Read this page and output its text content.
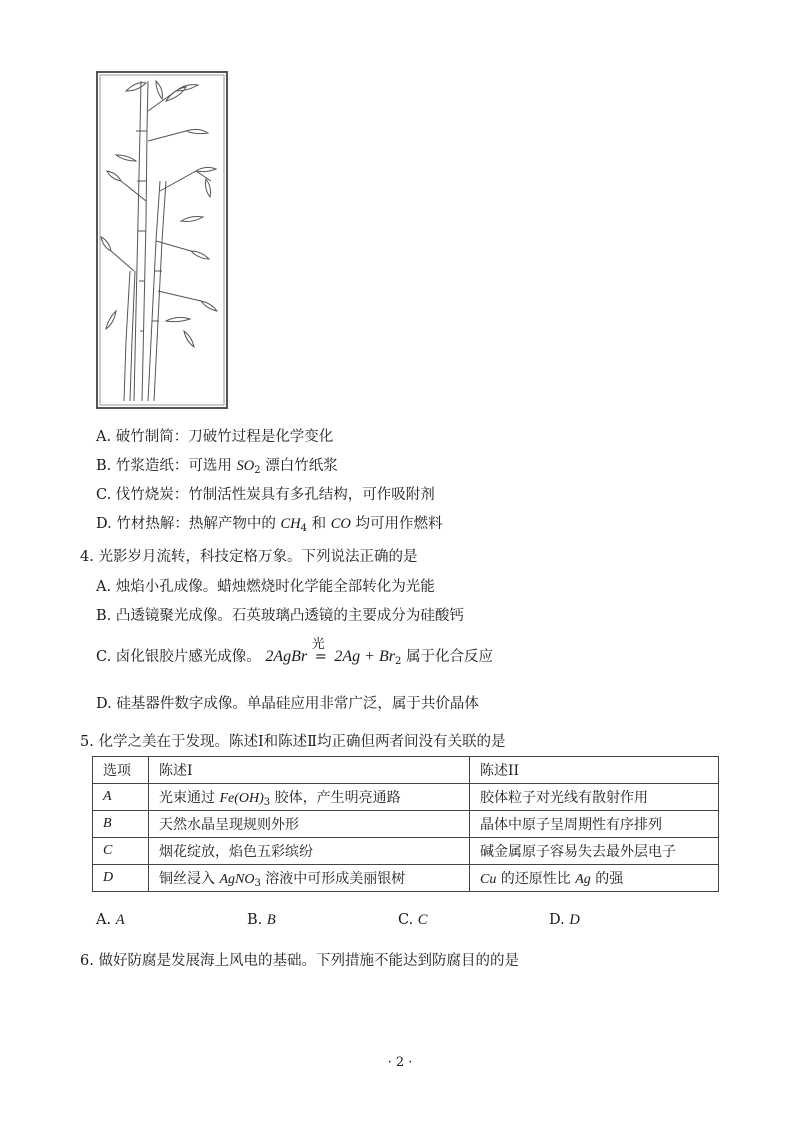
A. 破竹制简：刀破竹过程是化学变化
B. 竹浆造纸：可选用 $SO_2$ 漂白竹纸浆
C. 伐竹烧炭：竹制活性炭具有多孔结构，可作吸附剂
D. 竹材热解：热解产物中的 $CH_4$ 和 CO 均可用作燃料
4. 光影岁月流转，科技定格万象。下列说法正确的是
A. 烛焰小孔成像。蜡烛燃烧时化学能全部转化为光能
B. 凸透镜聚光成像。石英玻璃凸透镜的主要成分为硅酸钙
C. 卤化银胶片感光成像。 2AgBr
光
= $2Ag + Br_2$ 属于化合反应
D. 硅基器件数字成像。单晶硅应用非常广泛，属于共价晶体
5. 化学之美在于发现。陈述Ⅰ和陈述Ⅱ均正确但两者间没有关联的是
选项	陈述I	陈述II
A	光束通过 $Fe(OH)_3$ 胶体，产生明亮通路	胶体粒子对光线有散射作用
B	天然水晶呈现规则外形	晶体中原子呈周期性有序排列
C	烟花绽放，焰色五彩缤纷	碱金属原子容易失去最外层电子
D	铜丝浸入 AgNO$_3$ 溶液中可形成美丽银树	Cu 的还原性比 Ag 的强
A. A	B. B	C. C	D. D
6. 做好防腐是发展海上风电的基础。下列措施不能达到防腐目的的是
· 2 ·
